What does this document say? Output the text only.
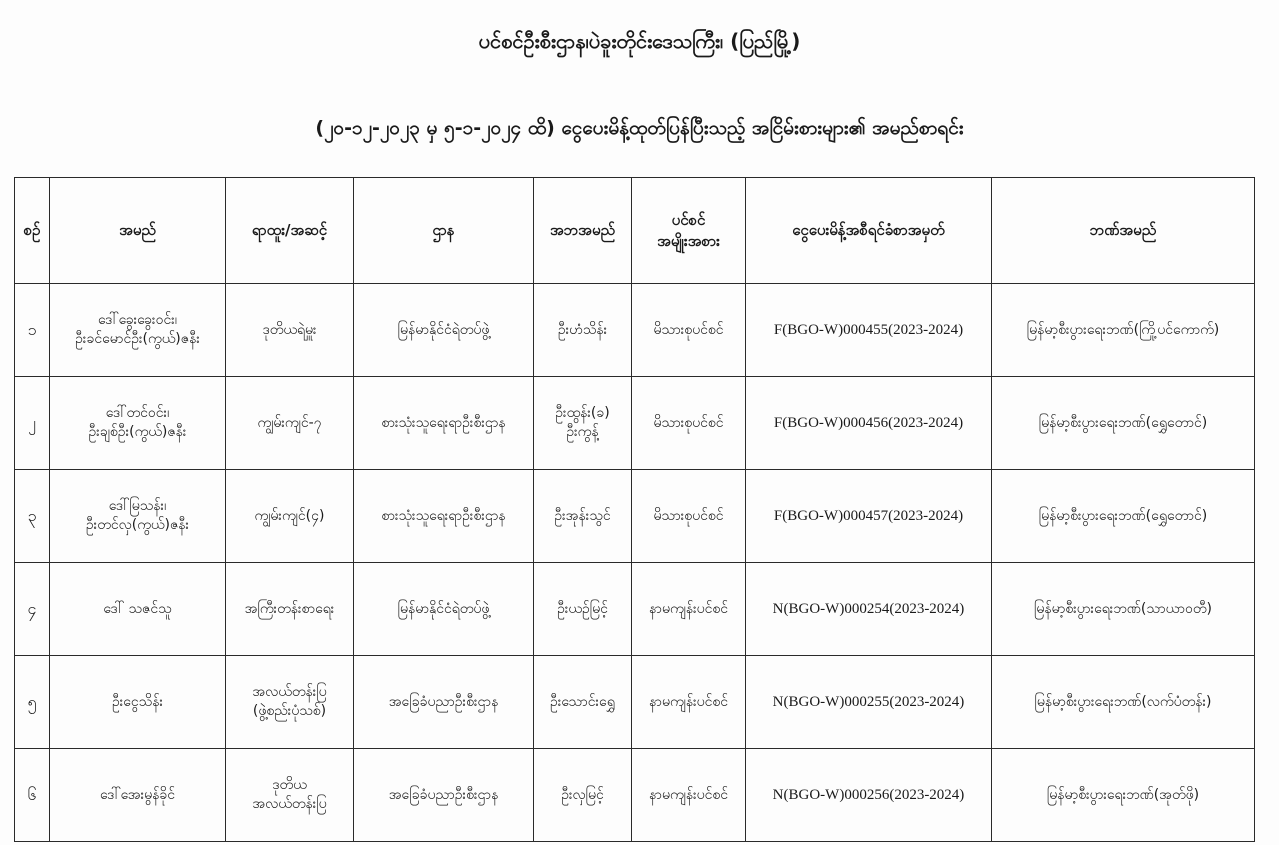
ပင်စင်ဦးစီးဌာန၊ပဲခူးတိုင်းဒေသကြီး၊ (ပြည်မြို့)
(၂၀-၁၂-၂၀၂၃ မှ ၅-၁-၂၀၂၄ ထိ) ငွေပေးမိန့်ထုတ်ပြန်ပြီးသည့် အငြိမ်းစားများ၏ အမည်စာရင်း
စဉ်	အမည်	ရာထူး/အဆင့်	ဌာန	အဘအမည်	ပင်စင်
အမျိုးအစား	ငွေပေးမိန့်အစီရင်ခံစာအမှတ်	ဘဏ်အမည်
၁	ဒေါ်ခွေးခွေးဝင်း၊
ဦးခင်မောင်ဦး(ကွယ်)ဇနီး	ဒုတိယရဲမှူး	မြန်မာနိုင်ငံရဲတပ်ဖွဲ့	ဦးဟံသိန်း	မိသားစုပင်စင်	F(BGO-W)000455(2023-2024)	မြန်မာ့စီးပွားရေးဘဏ်(ကြို့ပင်ကောက်)
၂	ဒေါ်တင်ဝင်း၊
ဦးချစ်ဦး(ကွယ်)ဇနီး	ကျွမ်းကျင်-၇	စားသုံးသူရေးရာဦးစီးဌာန	ဦးထွန်း(ခ)
ဦးကွန့်	မိသားစုပင်စင်	F(BGO-W)000456(2023-2024)	မြန်မာ့စီးပွားရေးဘဏ်(ရွှေတောင်)
၃	ဒေါ်မြသန်း၊
ဦးတင်လှ(ကွယ်)ဇနီး	ကျွမ်းကျင်(၄)	စားသုံးသူရေးရာဦးစီးဌာန	ဦးအုန်းသွင်	မိသားစုပင်စင်	F(BGO-W)000457(2023-2024)	မြန်မာ့စီးပွားရေးဘဏ်(ရွှေတောင်)
၄	ဒေါ် သဇင်သူ	အကြီးတန်းစာရေး	မြန်မာနိုင်ငံရဲတပ်ဖွဲ့	ဦးယဉ်မြင့်	နာမကျန်းပင်စင်	N(BGO-W)000254(2023-2024)	မြန်မာ့စီးပွားရေးဘဏ်(သာယာဝတီ)
၅	ဦးငွေသိန်း	အလယ်တန်းပြ
(ဖွဲ့စည်းပုံသစ်)	အခြေခံပညာဦးစီးဌာန	ဦးသောင်းရွှေ	နာမကျန်းပင်စင်	N(BGO-W)000255(2023-2024)	မြန်မာ့စီးပွားရေးဘဏ်(လက်ပံတန်း)
၆	ဒေါ်အေးမွန်ခိုင်	ဒုတိယ
အလယ်တန်းပြ	အခြေခံပညာဦးစီးဌာန	ဦးလှမြင့်	နာမကျန်းပင်စင်	N(BGO-W)000256(2023-2024)	မြန်မာ့စီးပွားရေးဘဏ်(အုတ်ဖို)
